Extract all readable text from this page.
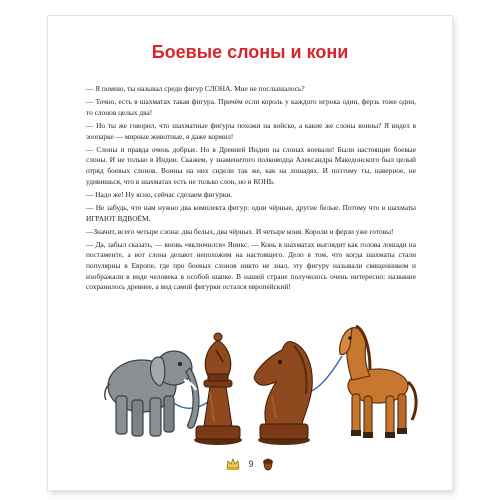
Боевые слоны и кони

— Я помню, ты называл среди фигур СЛОНА. Мне не послышалось?

— Точно, есть в шахматах такая фигура. Причём если король у каждого игрока один, ферзь тоже один, то слонов целых два!

— Но ты же говорил, что шахматные фигуры похожи на войско, а какие же слоны воины? Я видел в зоопарке — мирные животные, я даже кормил!

— Слоны и правда очень добрые. Но в Древней Индии на слонах воевали! Были настоящие боевые слоны. И не только в Индии. Скажем, у знаменитого полководца Александра Македонского был целый отряд боевых слонов. Воины на них сидели так же, как на лошадях. И поэтому ты, наверное, не удивишься, что в шахматах есть не только слон, но и КОНЬ.

— Надо же! Ну ясно, сейчас сделаем фигурки.

— Не забудь, что нам нужно два комплекта фигур: одни чёрные, другие белые. Потому что в шахматы ИГРАЮТ ВДВОЁМ.

—Значит, всего четыре слона: два белых, два чёрных. И четыре коня. Короли и ферзи уже готовы!

— Да, забыл сказать, — вновь «включился» Яникс. — Конь в шахматах выглядит как голова лошади на постаменте, а вот слона делают непохожим на настоящего. Дело в том, что когда шахматы стали популярны в Европе, где про боевых слонов никто не знал, эту фигуру называли священником и изображали в виде человека в особой шапке. В нашей стране получилось очень интересно: название сохранилось древнее, а вид самой фигурки остался европейский!

9
